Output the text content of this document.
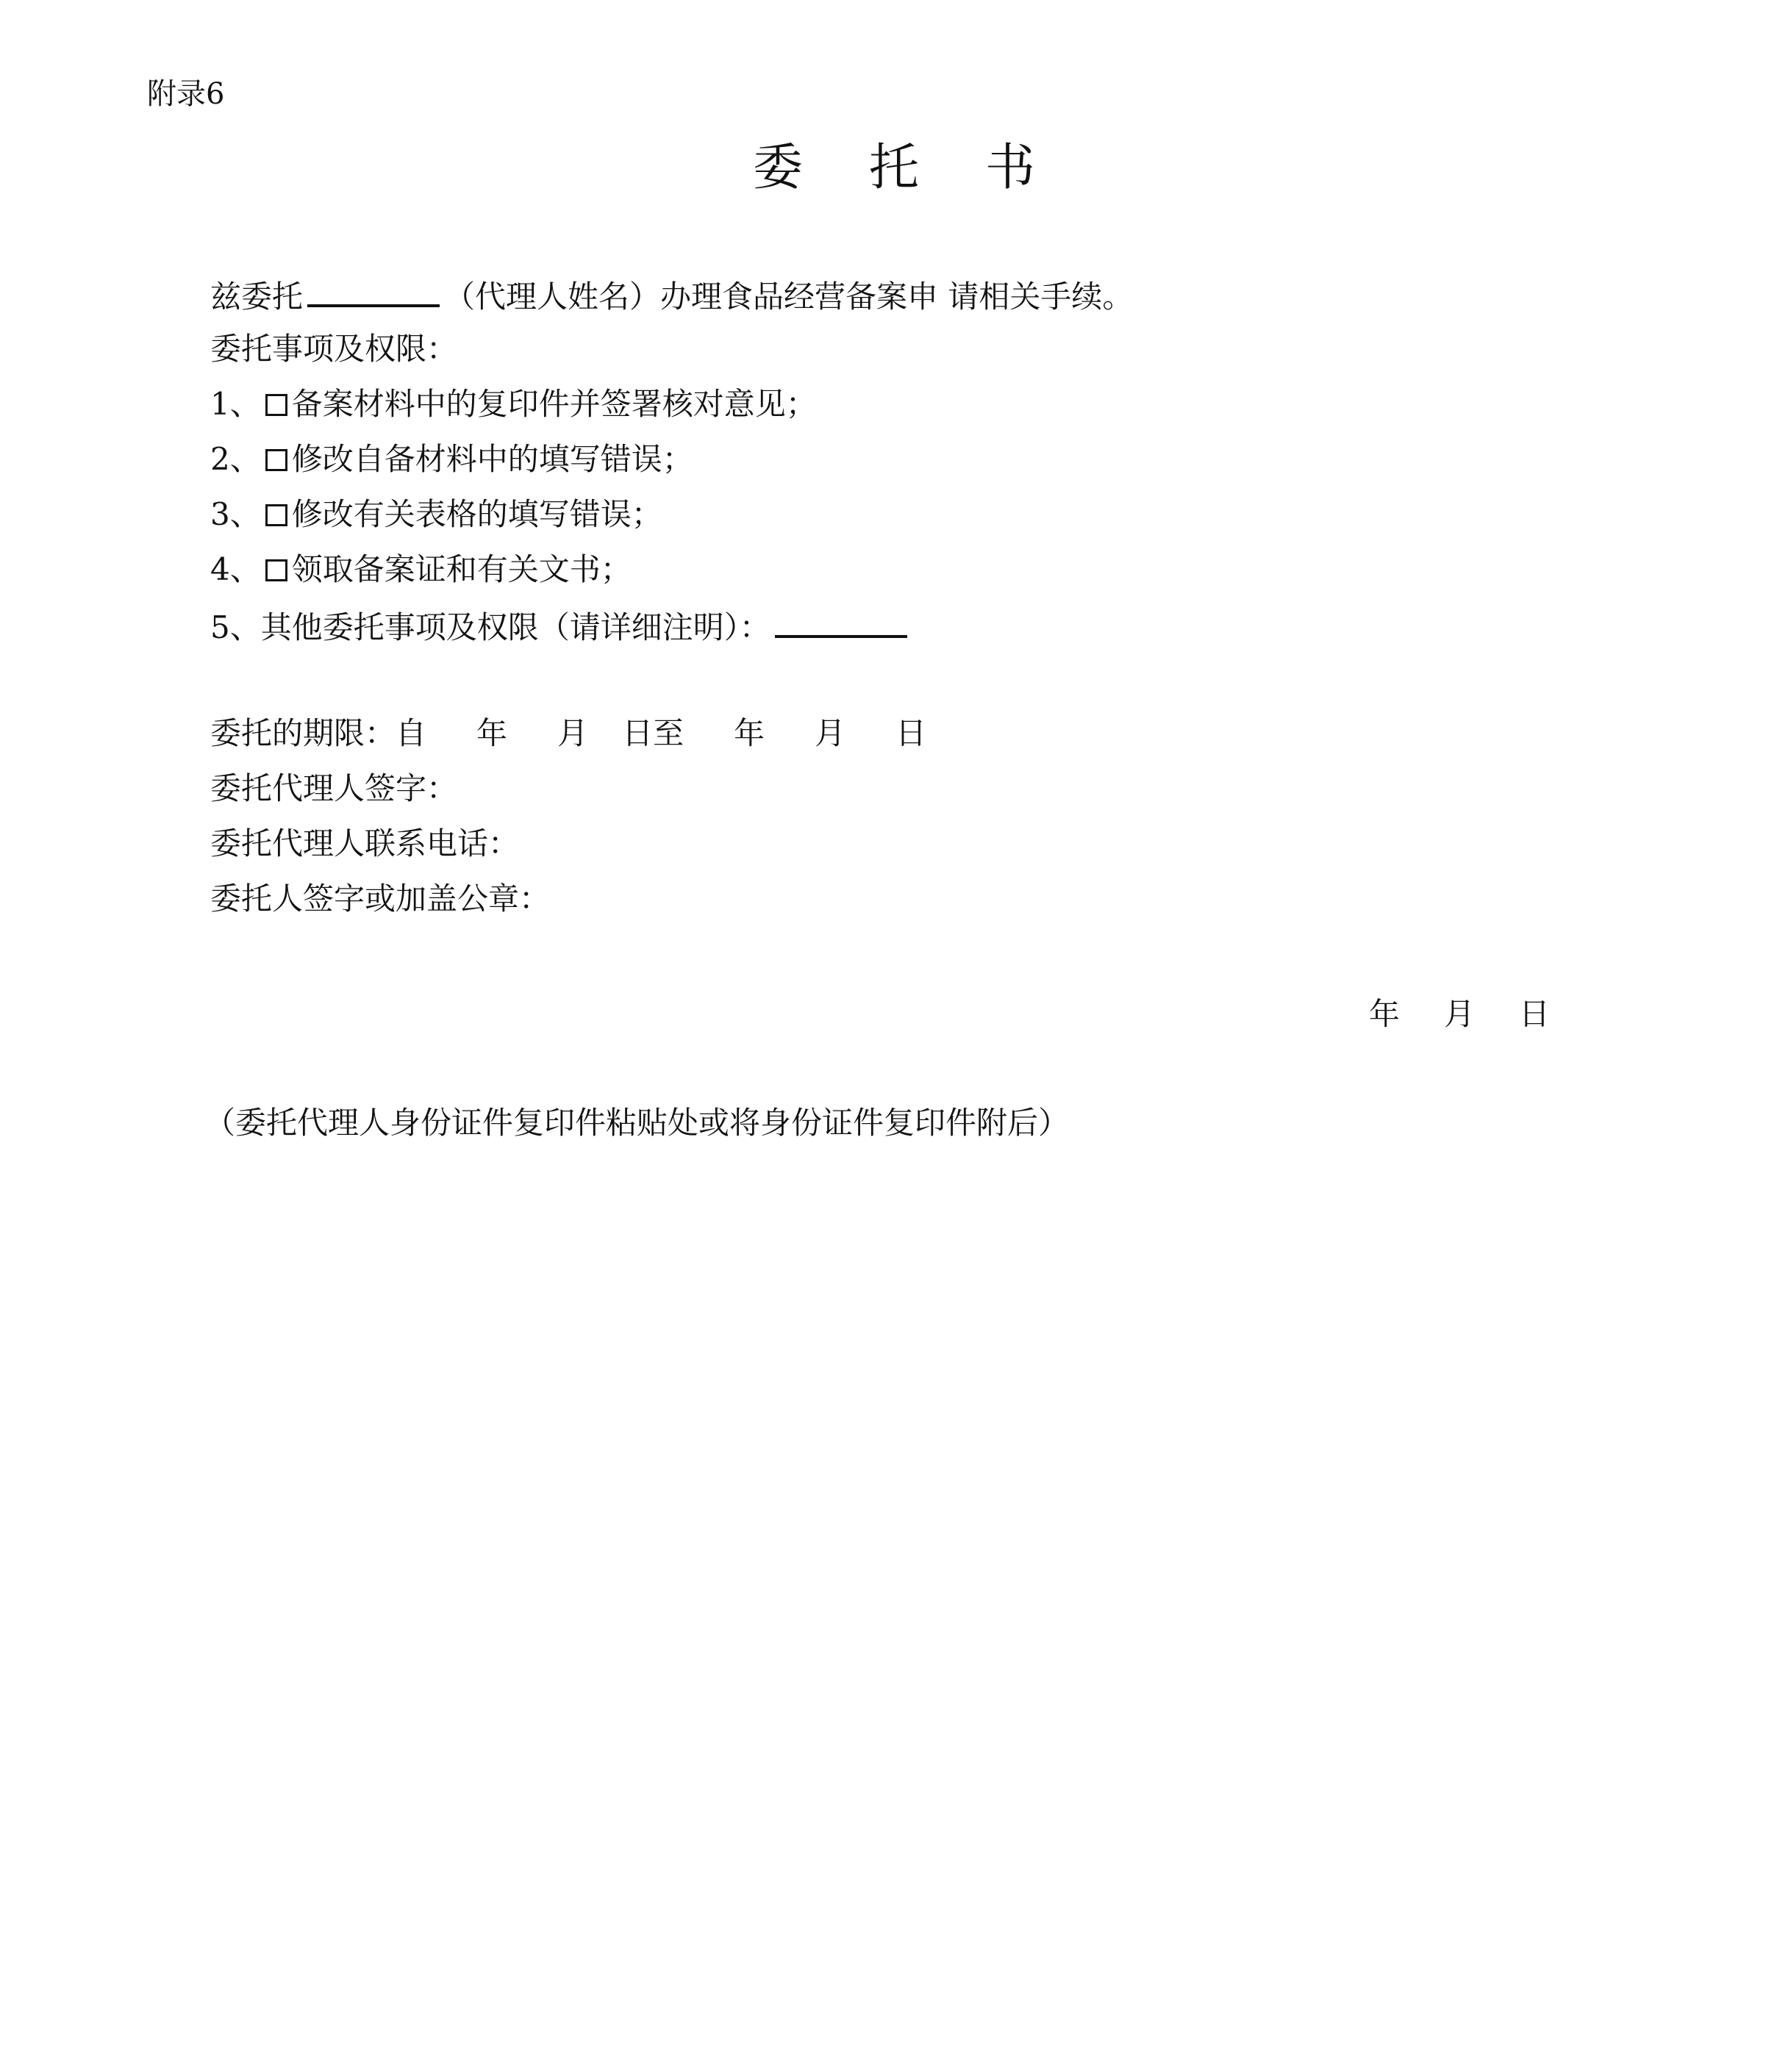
附录6
委托书
兹委托	（代理人姓名）办理食品经营备案申 请相关手续。
委托事项及权限：
1、 备案材料中的复印件并签署核对意见；
2、 修改自备材料中的填写错误；
3、 修改有关表格的填写错误；
4、 领取备案证和有关文书；
5、其他委托事项及权限（请详细注明）：
委托的期限：自 年 月 日至 年 月 日
委托代理人签字：
委托代理人联系电话：
委托人签字或加盖公章：
年 月 日
（委托代理人身份证件复印件粘贴处或将身份证件复印件附后）
